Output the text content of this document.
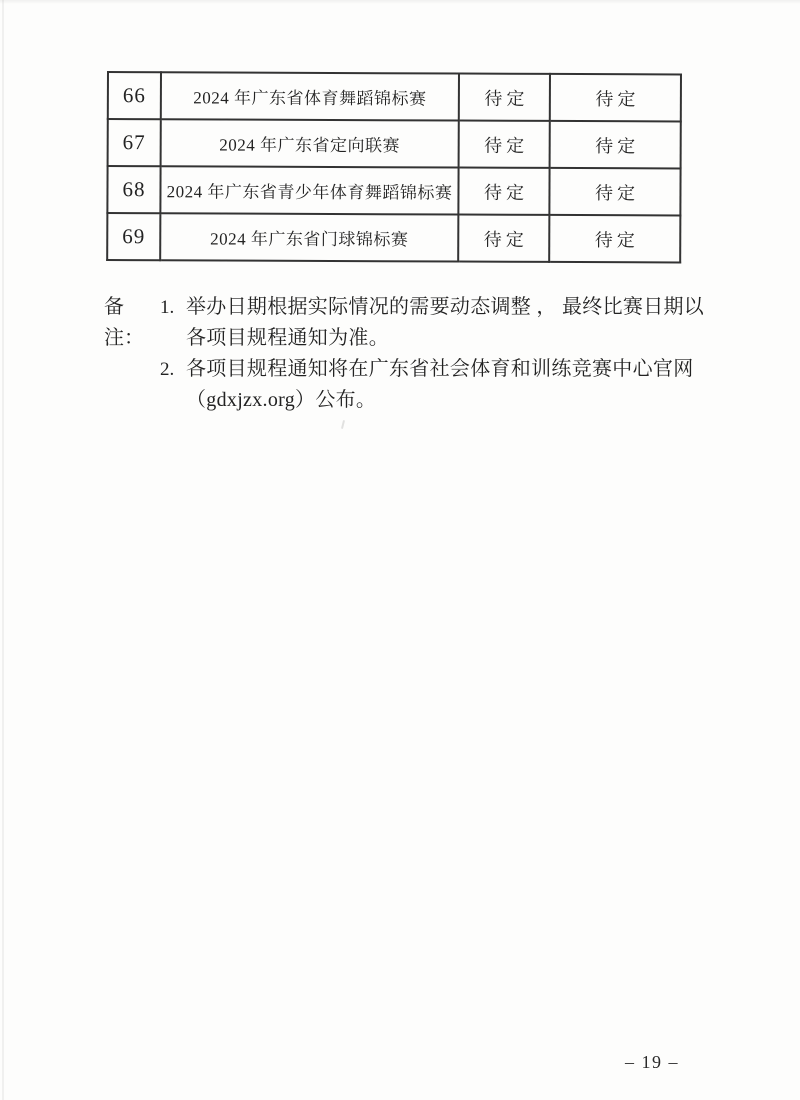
66	2024 年广东省体育舞蹈锦标赛	待定	待定
67	2024 年广东省定向联赛	待定	待定
68	2024 年广东省青少年体育舞蹈锦标赛	待定	待定
69	2024 年广东省门球锦标赛	待定	待定
备注：
1. 举办日期根据实际情况的需要动态调整 ， 最终比赛日期以
各项目规程通知为准。
2. 各项目规程通知将在广东省社会体育和训练竞赛中心官网
（gdxjzx.org）公布。
– 19 –
